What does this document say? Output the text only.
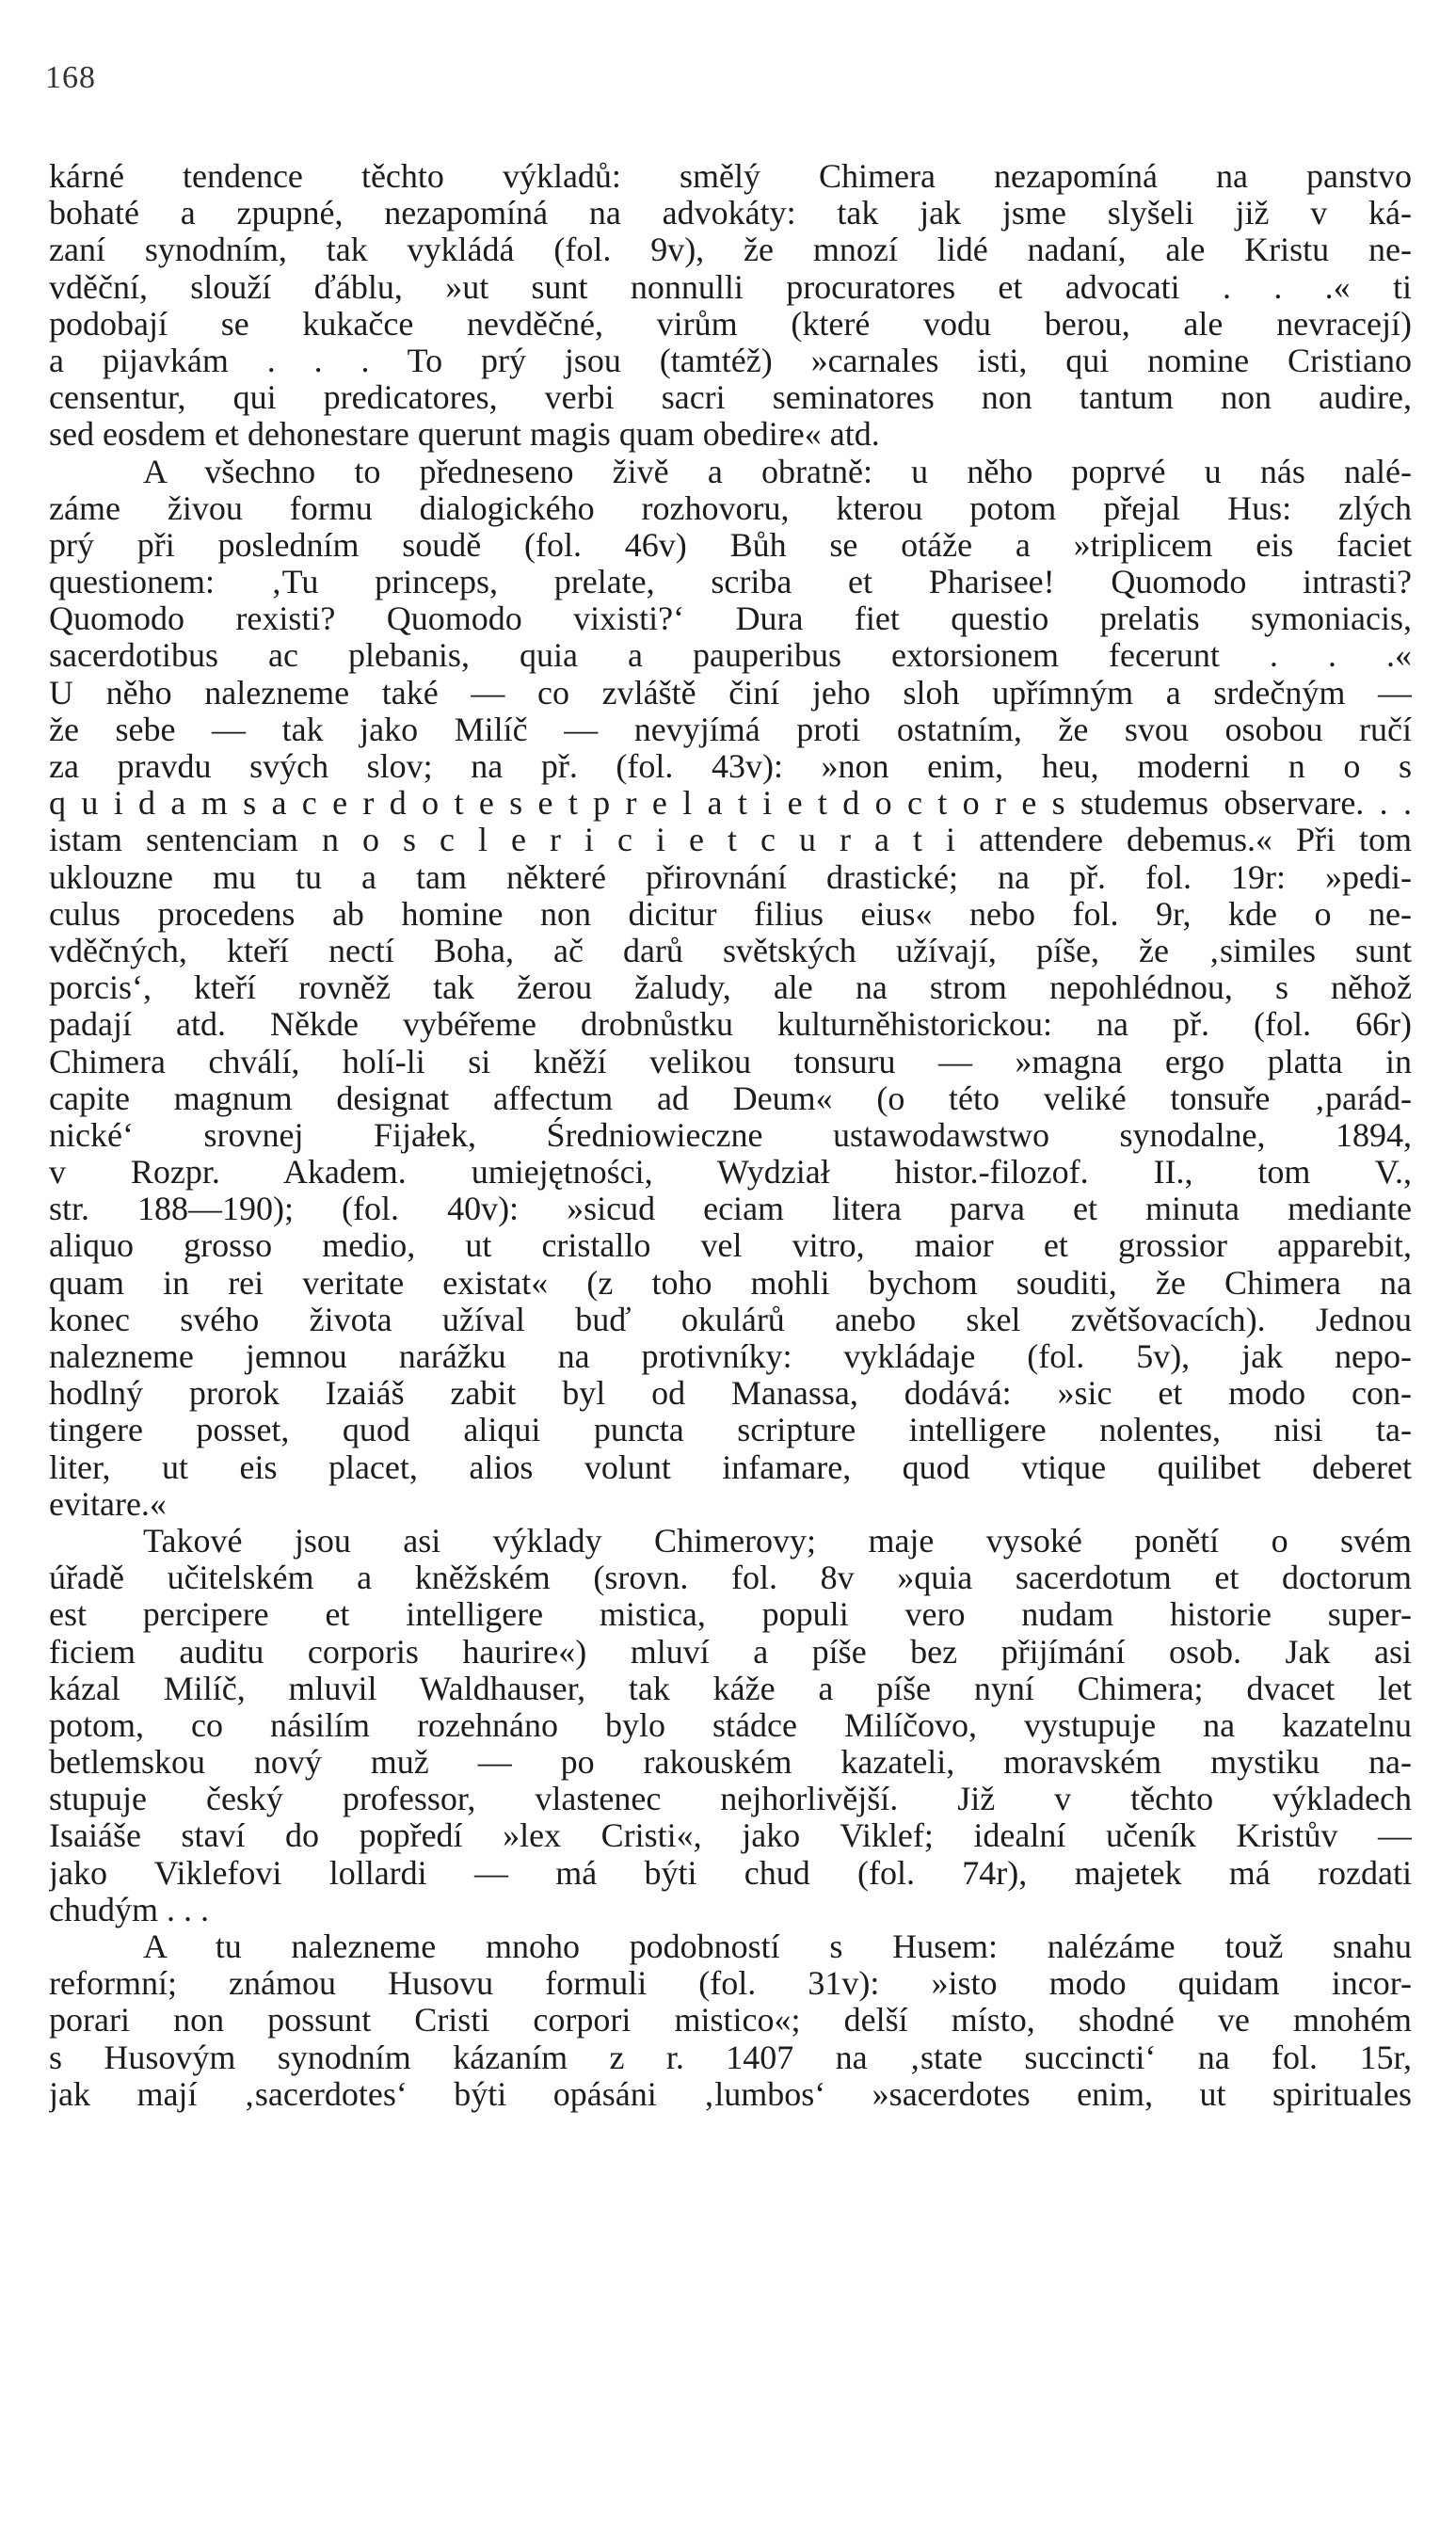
168
kárné tendence těchto výkladů: smělý Chimera nezapomíná na panstvo
bohaté a zpupné, nezapomíná na advokáty: tak jak jsme slyšeli již v ká-
zaní synodním, tak vykládá (fol. 9v), že mnozí lidé nadaní, ale Kristu ne-
vděční, slouží ďáblu, »ut sunt nonnulli procuratores et advocati . . .« ti
podobají se kukačce nevděčné, virům (které vodu berou, ale nevracejí)
a pijavkám . . . To prý jsou (tamtéž) »carnales isti, qui nomine Cristiano
censentur, qui predicatores, verbi sacri seminatores non tantum non audire,
sed eosdem et dehonestare querunt magis quam obedire« atd.
A všechno to předneseno živě a obratně: u něho poprvé u nás nalé-
záme živou formu dialogického rozhovoru, kterou potom přejal Hus: zlých
prý při posledním soudě (fol. 46v) Bůh se otáže a »triplicem eis faciet
questionem: ‚Tu princeps, prelate, scriba et Pharisee! Quomodo intrasti?
Quomodo rexisti? Quomodo vixisti?‘ Dura fiet questio prelatis symoniacis,
sacerdotibus ac plebanis, quia a pauperibus extorsionem fecerunt . . .«
U něho nalezneme také — co zvláště činí jeho sloh upřímným a srdečným —
že sebe — tak jako Milíč — nevyjímá proti ostatním, že svou osobou ručí
za pravdu svých slov; na př. (fol. 43v): »non enim, heu, moderni n o s
q u i d a m s a c e r d o t e s e t p r e l a t i e t d o c t o r e s studemus observare. . .
istam sentenciam n o s c l e r i c i e t c u r a t i attendere debemus.« Při tom
uklouzne mu tu a tam některé přirovnání drastické; na př. fol. 19r: »pedi-
culus procedens ab homine non dicitur filius eius« nebo fol. 9r, kde o ne-
vděčných, kteří nectí Boha, ač darů světských užívají, píše, že ‚similes sunt
porcis‘, kteří rovněž tak žerou žaludy, ale na strom nepohlédnou, s něhož
padají atd. Někde vybéřeme drobnůstku kulturněhistorickou: na př. (fol. 66r)
Chimera chválí, holí-li si kněží velikou tonsuru — »magna ergo platta in
capite magnum designat affectum ad Deum« (o této veliké tonsuře ‚parád-
nické‘ srovnej Fijałek, Średniowieczne ustawodawstwo synodalne, 1894,
v Rozpr. Akadem. umiejętności, Wydział histor.-filozof. II., tom V.,
str. 188—190); (fol. 40v): »sicud eciam litera parva et minuta mediante
aliquo grosso medio, ut cristallo vel vitro, maior et grossior apparebit,
quam in rei veritate existat« (z toho mohli bychom souditi, že Chimera na
konec svého života užíval buď okulárů anebo skel zvětšovacích). Jednou
nalezneme jemnou narážku na protivníky: vykládaje (fol. 5v), jak nepo-
hodlný prorok Izaiáš zabit byl od Manassa, dodává: »sic et modo con-
tingere posset, quod aliqui puncta scripture intelligere nolentes, nisi ta-
liter, ut eis placet, alios volunt infamare, quod vtique quilibet deberet
evitare.«
Takové jsou asi výklady Chimerovy; maje vysoké ponětí o svém
úřadě učitelském a kněžském (srovn. fol. 8v »quia sacerdotum et doctorum
est percipere et intelligere mistica, populi vero nudam historie super-
ficiem auditu corporis haurire«) mluví a píše bez přijímání osob. Jak asi
kázal Milíč, mluvil Waldhauser, tak káže a píše nyní Chimera; dvacet let
potom, co násilím rozehnáno bylo stádce Milíčovo, vystupuje na kazatelnu
betlemskou nový muž — po rakouském kazateli, moravském mystiku na-
stupuje český professor, vlastenec nejhorlivější. Již v těchto výkladech
Isaiáše staví do popředí »lex Cristi«, jako Viklef; idealní učeník Kristův —
jako Viklefovi lollardi — má býti chud (fol. 74r), majetek má rozdati
chudým . . .
A tu nalezneme mnoho podobností s Husem: nalézáme touž snahu
reformní; známou Husovu formuli (fol. 31v): »isto modo quidam incor-
porari non possunt Cristi corpori mistico«; delší místo, shodné ve mnohém
s Husovým synodním kázaním z r. 1407 na ‚state succincti‘ na fol. 15r,
jak mají ‚sacerdotes‘ býti opásáni ‚lumbos‘ »sacerdotes enim, ut spirituales
